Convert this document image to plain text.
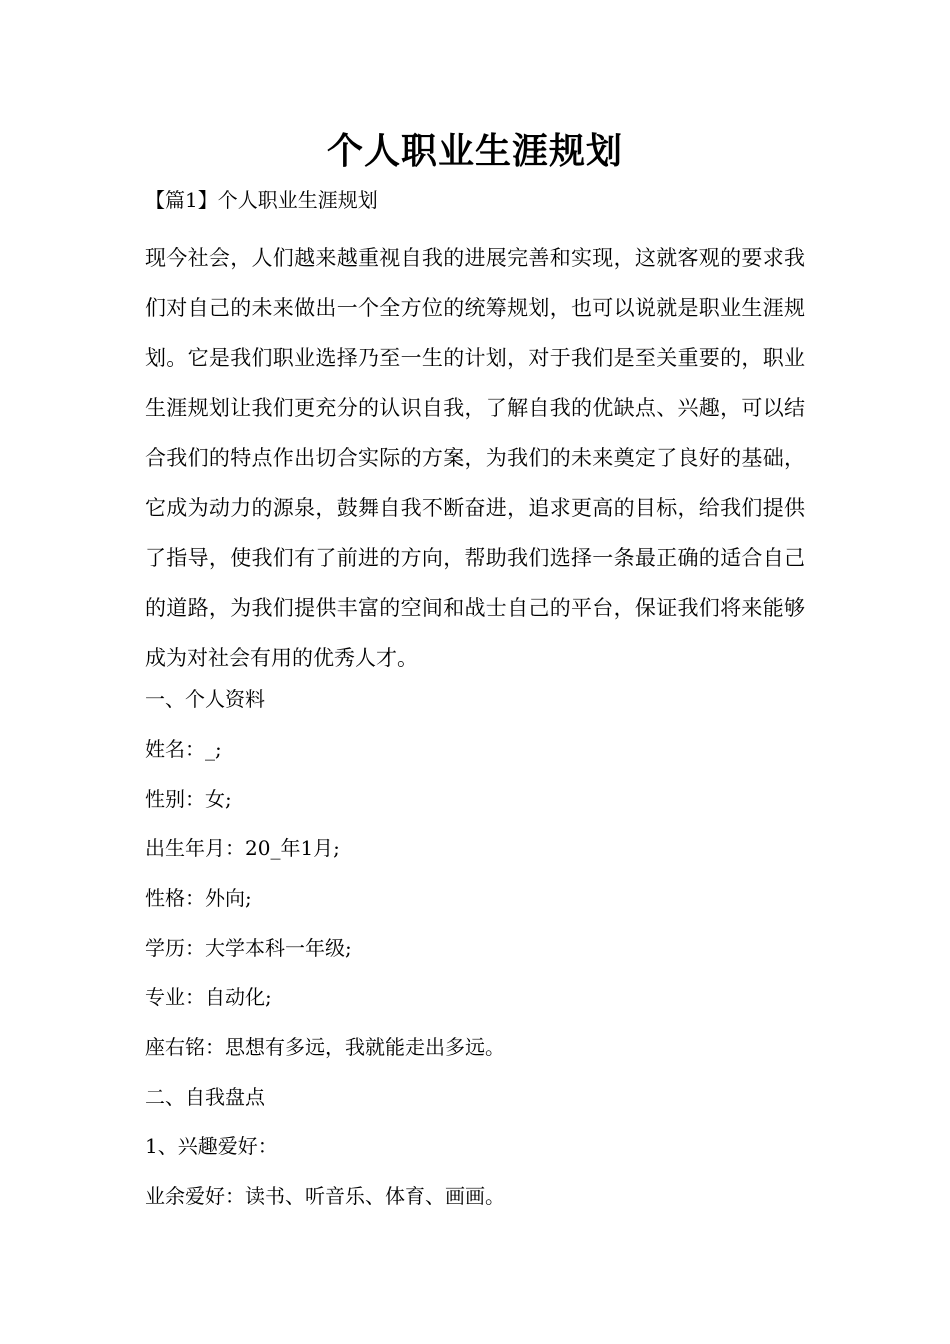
个人职业生涯规划
【篇1】个人职业生涯规划
现今社会，人们越来越重视自我的进展完善和实现，这就客观的要求我们对自己的未来做出一个全方位的统筹规划，也可以说就是职业生涯规划。它是我们职业选择乃至一生的计划，对于我们是至关重要的，职业生涯规划让我们更充分的认识自我，了解自我的优缺点、兴趣，可以结合我们的特点作出切合实际的方案，为我们的未来奠定了良好的基础，它成为动力的源泉，鼓舞自我不断奋进，追求更高的目标，给我们提供了指导，使我们有了前进的方向，帮助我们选择一条最正确的适合自己的道路，为我们提供丰富的空间和战士自己的平台，保证我们将来能够成为对社会有用的优秀人才。
一、个人资料
姓名：_;
性别：女;
出生年月：20_年1月;
性格：外向;
学历：大学本科一年级;
专业：自动化;
座右铭：思想有多远，我就能走出多远。
二、自我盘点
1、兴趣爱好：
业余爱好：读书、听音乐、体育、画画。
